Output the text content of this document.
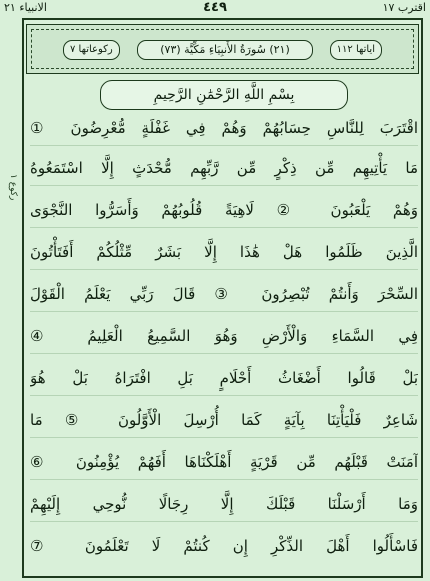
الانبياء ٢١	٤٤٩	اقترب ١٧
رکوع ١
ركوعاتها ٧	(٢١) سُورَةُ الأَنبِيَاءِ مَكِّيَّة (٧٣)	اياتها ١١٢
بِسْمِ اللَّهِ الرَّحْمَٰنِ الرَّحِيمِ
اقْتَرَبَ لِلنَّاسِ حِسَابُهُمْ وَهُمْ فِي غَفْلَةٍ مُّعْرِضُونَ ①
مَا يَأْتِيهِم مِّن ذِكْرٍ مِّن رَّبِّهِم مُّحْدَثٍ إِلَّا اسْتَمَعُوهُ
وَهُمْ يَلْعَبُونَ ② لَاهِيَةً قُلُوبُهُمْ وَأَسَرُّوا النَّجْوَى
الَّذِينَ ظَلَمُوا هَلْ هَٰذَا إِلَّا بَشَرٌ مِّثْلُكُمْ أَفَتَأْتُونَ
السِّحْرَ وَأَنتُمْ تُبْصِرُونَ ③ قَالَ رَبِّي يَعْلَمُ الْقَوْلَ
فِي السَّمَاءِ وَالْأَرْضِ وَهُوَ السَّمِيعُ الْعَلِيمُ ④
بَلْ قَالُوا أَضْغَاثُ أَحْلَامٍ بَلِ افْتَرَاهُ بَلْ هُوَ
شَاعِرٌ فَلْيَأْتِنَا بِآيَةٍ كَمَا أُرْسِلَ الْأَوَّلُونَ ⑤ مَا
آمَنَتْ قَبْلَهُم مِّن قَرْيَةٍ أَهْلَكْنَاهَا أَفَهُمْ يُؤْمِنُونَ ⑥
وَمَا أَرْسَلْنَا قَبْلَكَ إِلَّا رِجَالًا نُّوحِي إِلَيْهِمْ
فَاسْأَلُوا أَهْلَ الذِّكْرِ إِن كُنتُمْ لَا تَعْلَمُونَ ⑦
